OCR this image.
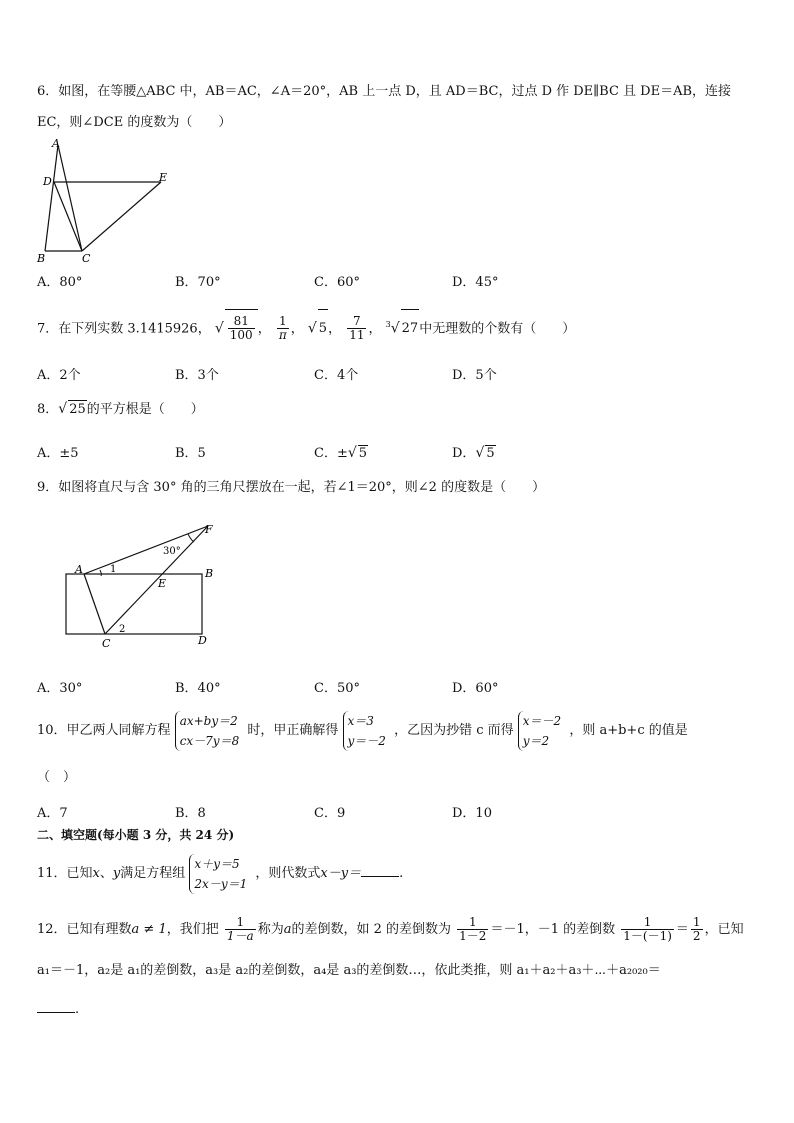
6．如图，在等腰△ABC 中，AB＝AC，∠A＝20°，AB 上一点 D，且 AD＝BC，过点 D 作 DE∥BC 且 DE＝AB，连接
EC，则∠DCE 的度数为（　　）
A
D	E
B	C
A．80°	B．70°	C．60°	D．45°
7．在下列实数 3.1415926， √ $\frac{81}{100}$ ， $\frac{1}{\pi}$ ， √ 5， $\frac{7}{11}$ ， $^3$√ 27中无理数的个数有（　　）
A．2个	B．3个	C．4个	D．5个
8．√ 25的平方根是（　　）
A．±5	B．5	C．±√ 5	D．√ 5
9．如图将直尺与含 30° 角的三角尺摆放在一起，若∠1＝20°，则∠2 的度数是（　　）
30°
A	1
F
B
E
2
C	D
A．30°	B．40°	C．50°	D．60°
10．甲乙两人同解方程 ax+by＝2
cx－7y＝8 时，甲正确解得 x＝3
y＝－2 ，乙因为抄错 c 而得 x＝－2
y＝2 ，则 a+b+c 的值是
（　）
A．7	B．8	C．9	D．10
二、填空题(每小题 3 分，共 24 分)
11．已知x、y满足方程组 x＋y＝5
2x－y＝1 ，则代数式x－y＝	.
12．已知有理数a ≠ 1，我们把 $\frac{1}{1-a}$ 称为a的差倒数，如 2 的差倒数为 $\frac{1}{1-2} =-1$，－1 的差倒数 $\frac{1}{1-(-1)} = \frac{1}{2}$ ，已知
a₁＝－1，a₂是 a₁的差倒数，a₃是 a₂的差倒数，a₄是 a₃的差倒数…，依此类推，则 a₁＋a₂＋a₃＋⋯＋a₂₀₂₀＝
.
